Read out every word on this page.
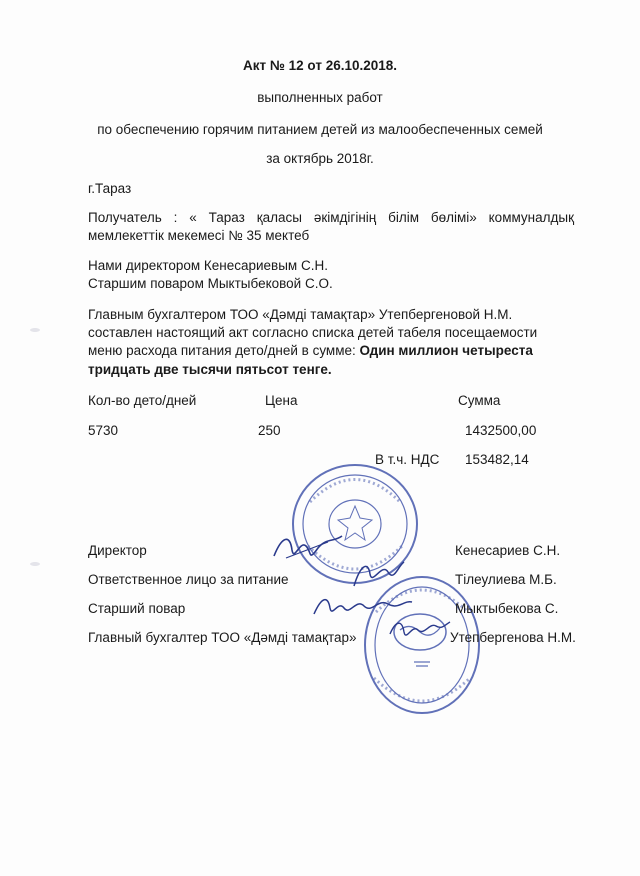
Акт № 12 от 26.10.2018.
выполненных работ
по обеспечению горячим питанием детей из малообеспеченных семей
за октябрь 2018г.
г.Тараз
Получатель : « Тараз қаласы әкімдігінің білім бөлімі» коммуналдық
мемлекеттік мекемесі № 35 мектеб
Нами директором Кенесариевым С.Н.
Старшим поваром Мыктыбековой С.О.
Главным бухгалтером ТОО «Дәмді тамақтар» Утепбергеновой Н.М.
составлен настоящий акт согласно списка детей табеля посещаемости
меню расхода питания дето/дней в сумме: Один миллион четыреста
тридцать две тысячи пятьсот тенге.
Кол-во дето/дней	Цена	Сумма
5730	250	1432500,00
В т.ч. НДС 153482,14
Директор	Кенесариев С.Н.
Ответственное лицо за питание	Тілеулиева М.Б.
Старший повар	Мыктыбекова С.
Главный бухгалтер ТОО «Дәмді тамақтар»	Утепбергенова Н.М.
